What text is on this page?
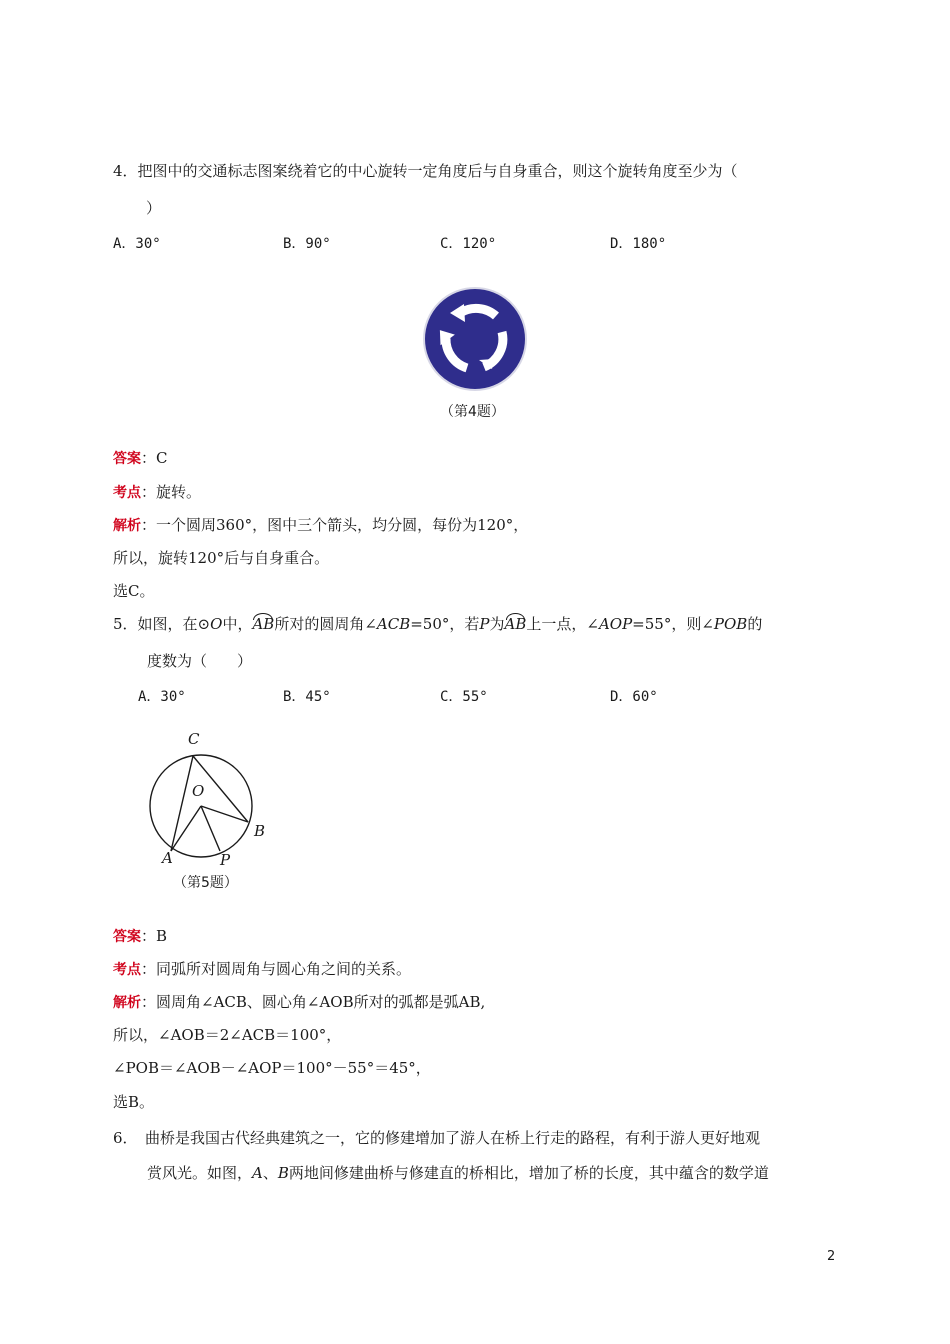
4．把图中的交通标志图案绕着它的中心旋转一定角度后与自身重合，则这个旋转角度至少为（
）
A．30°	B．90°	C．120°	D．180°
（第4题）
答案：C
考点：旋转。
解析：一个圆周360°，图中三个箭头，均分圆，每份为120°，
所以，旋转120°后与自身重合。
选C。
5．如图，在⊙O中，AB所对的圆周角∠ACB=50°，若P为AB上一点，∠AOP=55°，则∠POB的
度数为（　　）
A．30°	B．45°	C．55°	D．60°
C
O
B
A	P
（第5题）
答案：B
考点：同弧所对圆周角与圆心角之间的关系。
解析：圆周角∠ACB、圆心角∠AOB所对的弧都是弧AB,
所以，∠AOB＝2∠ACB＝100°，
∠POB＝∠AOB－∠AOP＝100°－55°＝45°，
选B。
6．　曲桥是我国古代经典建筑之一，它的修建增加了游人在桥上行走的路程，有利于游人更好地观
赏风光。如图，A、B两地间修建曲桥与修建直的桥相比，增加了桥的长度，其中蕴含的数学道
2
